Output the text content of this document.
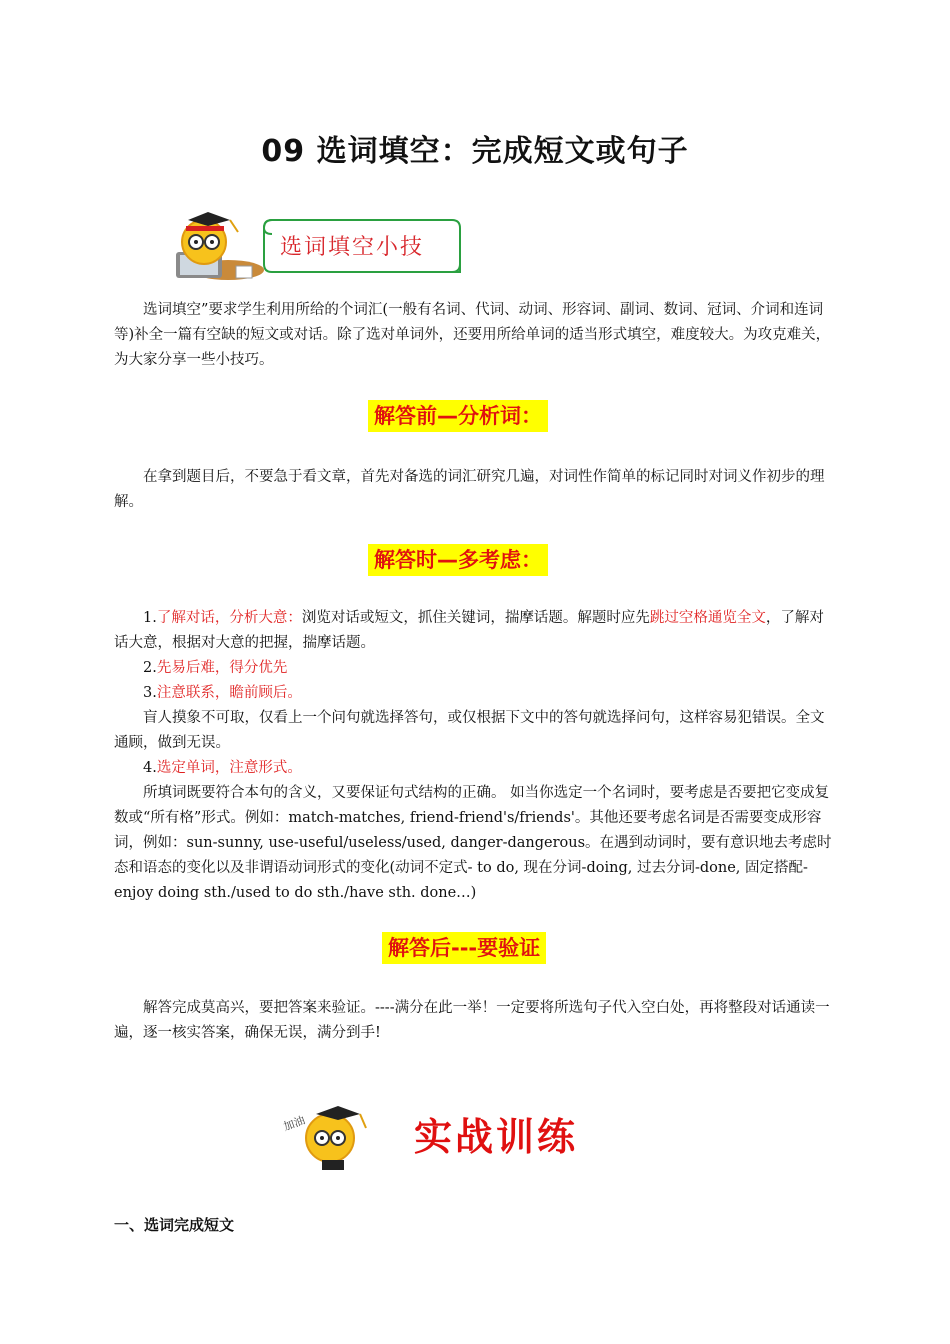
09 选词填空：完成短文或句子
选词填空小技
选词填空”要求学生利用所给的个词汇(一般有名词、代词、动词、形容词、副词、数词、冠词、介词和连词等)补全一篇有空缺的短文或对话。除了选对单词外，还要用所给单词的适当形式填空，难度较大。为攻克难关，为大家分享一些小技巧。
解答前—分析词：
在拿到题目后，不要急于看文章，首先对备选的词汇研究几遍，对词性作简单的标记同时对词义作初步的理解。
解答时—多考虑：
1.了解对话，分析大意：浏览对话或短文，抓住关键词，揣摩话题。解题时应先跳过空格通览全文，了解对话大意，根据对大意的把握，揣摩话题。
2.先易后难，得分优先
3.注意联系，瞻前顾后。
盲人摸象不可取，仅看上一个问句就选择答句，或仅根据下文中的答句就选择问句，这样容易犯错误。全文通顾，做到无误。
4.选定单词，注意形式。
所填词既要符合本句的含义，又要保证句式结构的正确。 如当你选定一个名词时，要考虑是否要把它变成复数或“所有格”形式。例如：match-matches, friend-friend's/friends'。其他还要考虑名词是否需要变成形容词，例如：sun-sunny, use-useful/useless/used, danger-dangerous。在遇到动词时，要有意识地去考虑时态和语态的变化以及非谓语动词形式的变化(动词不定式- to do, 现在分词-doing, 过去分词-done, 固定搭配-enjoy doing sth./used to do sth./have sth. done…)
解答后---要验证
解答完成莫高兴，要把答案来验证。----满分在此一举！一定要将所选句子代入空白处，再将整段对话通读一遍，逐一核实答案，确保无误，满分到手!
加油	实战训练
一、选词完成短文
